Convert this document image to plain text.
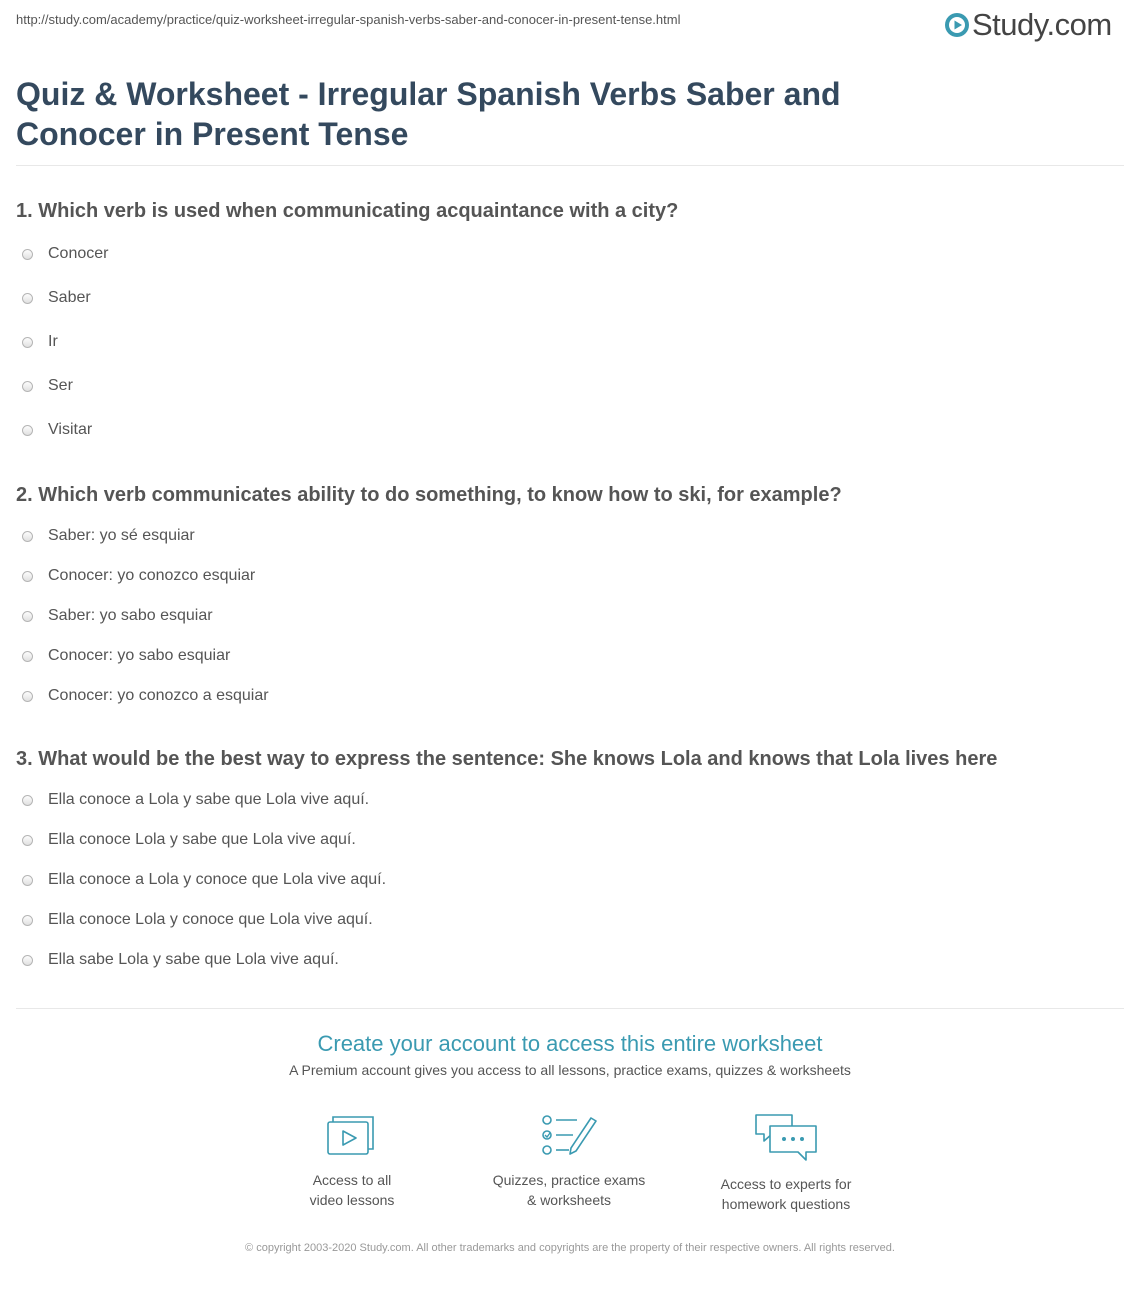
http://study.com/academy/practice/quiz-worksheet-irregular-spanish-verbs-saber-and-conocer-in-present-tense.html	Study.com
Quiz & Worksheet - Irregular Spanish Verbs Saber and Conocer in Present Tense
1. Which verb is used when communicating acquaintance with a city?
Conocer
Saber
Ir
Ser
Visitar
2. Which verb communicates ability to do something, to know how to ski, for example?
Saber: yo sé esquiar
Conocer: yo conozco esquiar
Saber: yo sabo esquiar
Conocer: yo sabo esquiar
Conocer: yo conozco a esquiar
3. What would be the best way to express the sentence: She knows Lola and knows that Lola lives here
Ella conoce a Lola y sabe que Lola vive aquí.
Ella conoce Lola y sabe que Lola vive aquí.
Ella conoce a Lola y conoce que Lola vive aquí.
Ella conoce Lola y conoce que Lola vive aquí.
Ella sabe Lola y sabe que Lola vive aquí.
Create your account to access this entire worksheet
A Premium account gives you access to all lessons, practice exams, quizzes & worksheets
Access to all
video lessons
Quizzes, practice exams
& worksheets
Access to experts for
homework questions
© copyright 2003-2020 Study.com. All other trademarks and copyrights are the property of their respective owners. All rights reserved.
